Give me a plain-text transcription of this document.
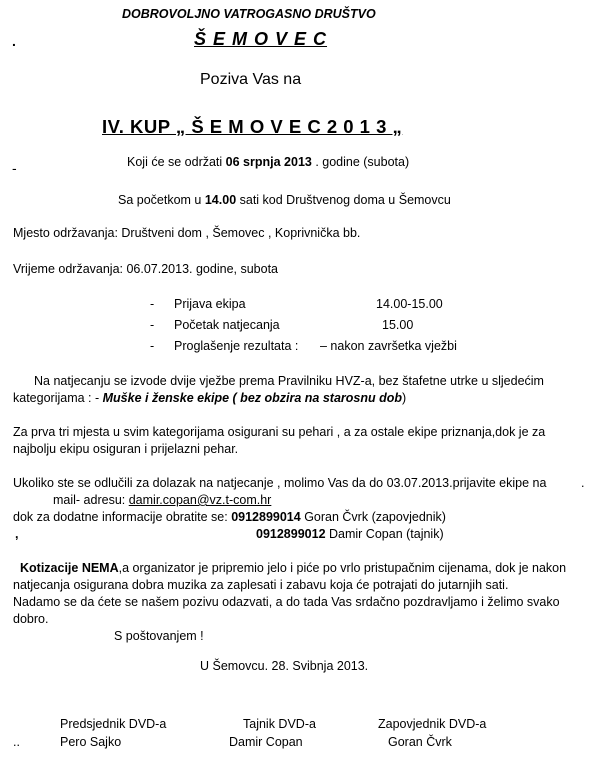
DOBROVOLJNO VATROGASNO DRUŠTVO
.	Š E M O V E C
Poziva Vas na
IV. KUP „ Š E M O V E C 2 0 1 3 „
-	Koji će se održati 06 srpnja 2013 . godine (subota)
Sa početkom u 14.00 sati kod Društvenog doma u Šemovcu
Mjesto održavanja: Društveni dom , Šemovec , Koprivnička bb.
Vrijeme održavanja: 06.07.2013. godine, subota
- Prijava ekipa	14.00-15.00
- Početak natjecanja	15.00
- Proglašenje rezultata : – nakon završetka vježbi
Na natjecanju se izvode dvije vježbe prema Pravilniku HVZ-a, bez štafetne utrke u sljedećim
kategorijama : - Muške i ženske ekipe ( bez obzira na starosnu dob)
Za prva tri mjesta u svim kategorijama osigurani su pehari , a za ostale ekipe priznanja,dok je za
najbolju ekipu osiguran i prijelazni pehar.
Ukoliko ste se odlučili za dolazak na natjecanje , molimo Vas da do 03.07.2013.prijavite ekipe na	.
mail- adresu: damir.copan@vz.t-com.hr
dok za dodatne informacije obratite se: 0912899014 Goran Čvrk (zapovjednik)
,	0912899012 Damir Copan (tajnik)
Kotizacije NEMA,a organizator je pripremio jelo i piće po vrlo pristupačnim cijenama, dok je nakon
natjecanja osigurana dobra muzika za zaplesati i zabavu koja će potrajati do jutarnjih sati.
Nadamo se da ćete se našem pozivu odazvati, a do tada Vas srdačno pozdravljamo i želimo svako
dobro.
S poštovanjem !
U Šemovcu. 28. Svibnja 2013.
Predsjednik DVD-a	Tajnik DVD-a	Zapovjednik DVD-a
..	Pero Sajko	Damir Copan	Goran Čvrk
